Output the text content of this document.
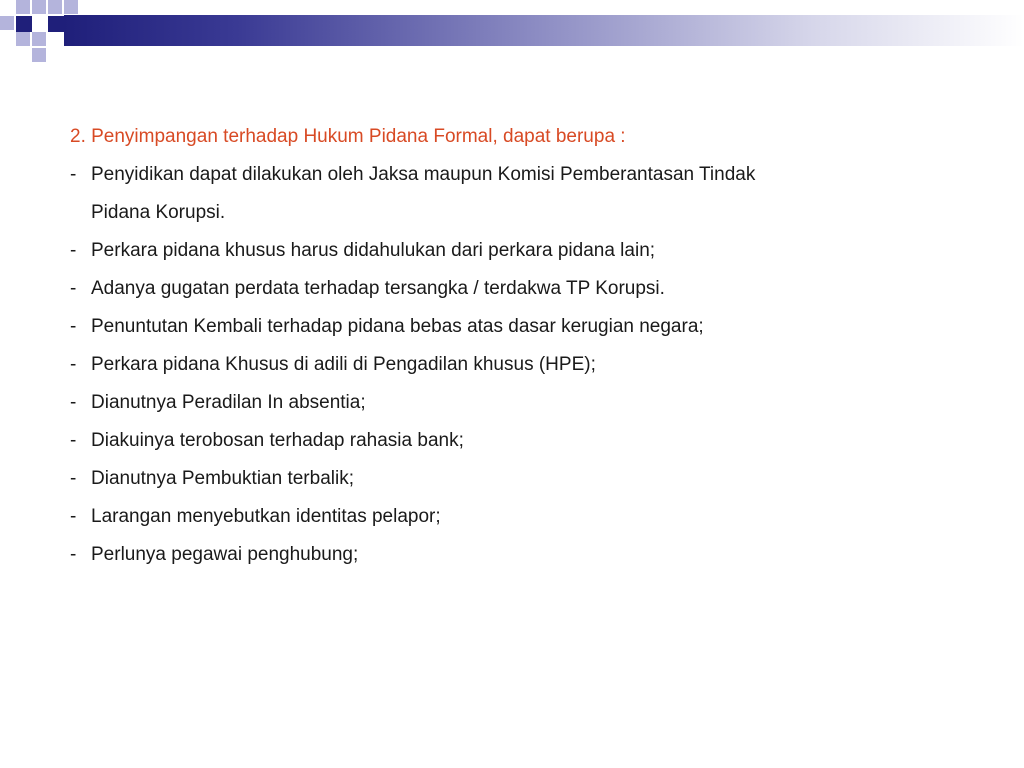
2. Penyimpangan terhadap Hukum Pidana Formal, dapat berupa :
- Penyidikan dapat dilakukan oleh Jaksa maupun Komisi Pemberantasan Tindak
Pidana Korupsi.
- Perkara pidana khusus harus didahulukan dari perkara pidana lain;
- Adanya gugatan perdata terhadap tersangka / terdakwa TP Korupsi.
- Penuntutan Kembali terhadap pidana bebas atas dasar kerugian negara;
- Perkara pidana Khusus di adili di Pengadilan khusus (HPE);
- Dianutnya Peradilan In absentia;
- Diakuinya terobosan terhadap rahasia bank;
- Dianutnya Pembuktian terbalik;
- Larangan menyebutkan identitas pelapor;
- Perlunya pegawai penghubung;
